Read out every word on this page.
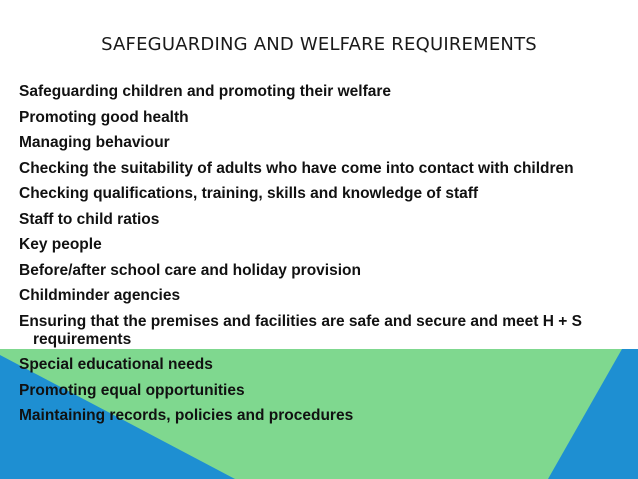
SAFEGUARDING AND WELFARE REQUIREMENTS
Safeguarding children and promoting their welfare
Promoting good health
Managing behaviour
Checking the suitability of adults who have come into contact with children
Checking qualifications, training, skills and knowledge of staff
Staff to child ratios
Key people
Before/after school care and holiday provision
Childminder agencies
Ensuring that the premises and facilities are safe and secure and meet H + S requirements
Special educational needs
Promoting equal opportunities
Maintaining records, policies and procedures
